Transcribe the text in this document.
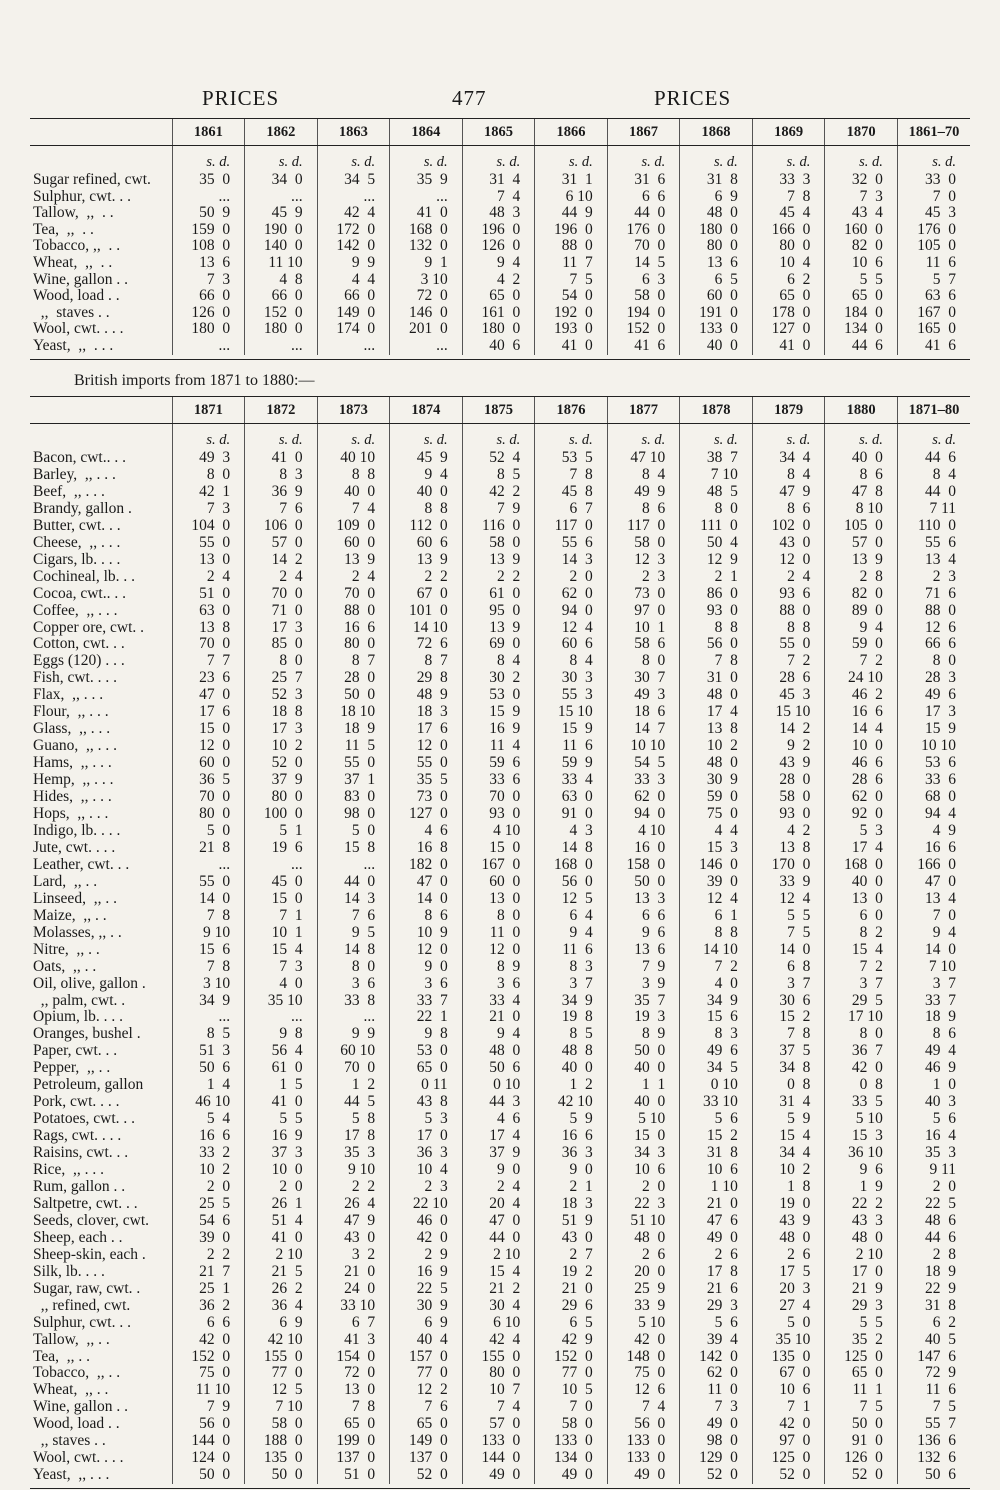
PRICES	477	PRICES
	1861	1862	1863	1864	1865	1866	1867	1868	1869	1870	1861–70
	s. d.	s. d.	s. d.	s. d.	s. d.	s. d.	s. d.	s. d.	s. d.	s. d.	s. d.
Sugar refined, cwt.	35  0	34  0	34  5	35  9	31  4	31  1	31  6	31  8	33  3	32  0	33  0
Sulphur, cwt. . .	...	...	...	...	7  4	6 10	6  6	6  9	7  8	7  3	7  0
Tallow,  ,,  . .	50  9	45  9	42  4	41  0	48  3	44  9	44  0	48  0	45  4	43  4	45  3
Tea,  ,,  . .	159  0	190  0	172  0	168  0	196  0	196  0	176  0	180  0	166  0	160  0	176  0
Tobacco, ,,  . .	108  0	140  0	142  0	132  0	126  0	88  0	70  0	80  0	80  0	82  0	105  0
Wheat,  ,,  . .	13  6	11 10	9  9	9  1	9  4	11  7	14  5	13  6	10  4	10  6	11  6
Wine, gallon . .	7  3	4  8	4  4	3 10	4  2	7  5	6  3	6  5	6  2	5  5	5  7
Wood, load . .	66  0	66  0	66  0	72  0	65  0	54  0	58  0	60  0	65  0	65  0	63  6
,,  staves . .	126  0	152  0	149  0	146  0	161  0	192  0	194  0	191  0	178  0	184  0	167  0
Wool, cwt. . . .	180  0	180  0	174  0	201  0	180  0	193  0	152  0	133  0	127  0	134  0	165  0
Yeast,  ,,  . . .	...	...	...	...	40  6	41  0	41  6	40  0	41  0	44  6	41  6

British imports from 1871 to 1880:—
	1871	1872	1873	1874	1875	1876	1877	1878	1879	1880	1871–80
	s. d.	s. d.	s. d.	s. d.	s. d.	s. d.	s. d.	s. d.	s. d.	s. d.	s. d.
Bacon, cwt.. . .	49  3	41  0	40 10	45  9	52  4	53  5	47 10	38  7	34  4	40  0	44  6
Barley,  ,, . . .	8  0	8  3	8  8	9  4	8  5	7  8	8  4	7 10	8  4	8  6	8  4
Beef,  ,, . . .	42  1	36  9	40  0	40  0	42  2	45  8	49  9	48  5	47  9	47  8	44  0
Brandy, gallon .	7  3	7  6	7  4	8  8	7  9	6  7	8  6	8  0	8  6	8 10	7 11
Butter, cwt. . .	104  0	106  0	109  0	112  0	116  0	117  0	117  0	111  0	102  0	105  0	110  0
Cheese,  ,, . . .	55  0	57  0	60  0	60  6	58  0	55  6	58  0	50  4	43  0	57  0	55  6
Cigars, lb. . . .	13  0	14  2	13  9	13  9	13  9	14  3	12  3	12  9	12  0	13  9	13  4
Cochineal, lb. . .	2  4	2  4	2  4	2  2	2  2	2  0	2  3	2  1	2  4	2  8	2  3
Cocoa, cwt.. . .	51  0	70  0	70  0	67  0	61  0	62  0	73  0	86  0	93  6	82  0	71  6
Coffee,  ,, . . .	63  0	71  0	88  0	101  0	95  0	94  0	97  0	93  0	88  0	89  0	88  0
Copper ore, cwt. .	13  8	17  3	16  6	14 10	13  9	12  4	10  1	8  8	8  8	9  4	12  6
Cotton, cwt. . .	70  0	85  0	80  0	72  6	69  0	60  6	58  6	56  0	55  0	59  0	66  6
Eggs (120) . . .	7  7	8  0	8  7	8  7	8  4	8  4	8  0	7  8	7  2	7  2	8  0
Fish, cwt. . . .	23  6	25  7	28  0	29  8	30  2	30  3	30  7	31  0	28  6	24 10	28  3
Flax,  ,, . . .	47  0	52  3	50  0	48  9	53  0	55  3	49  3	48  0	45  3	46  2	49  6
Flour,  ,, . . .	17  6	18  8	18 10	18  3	15  9	15 10	18  6	17  4	15 10	16  6	17  3
Glass,  ,, . . .	15  0	17  3	18  9	17  6	16  9	15  9	14  7	13  8	14  2	14  4	15  9
Guano,  ,, . . .	12  0	10  2	11  5	12  0	11  4	11  6	10 10	10  2	9  2	10  0	10 10
Hams,  ,, . . .	60  0	52  0	55  0	55  0	59  6	59  9	54  5	48  0	43  9	46  6	53  6
Hemp,  ,, . . .	36  5	37  9	37  1	35  5	33  6	33  4	33  3	30  9	28  0	28  6	33  6
Hides,  ,, . . .	70  0	80  0	83  0	73  0	70  0	63  0	62  0	59  0	58  0	62  0	68  0
Hops,  ,, . . .	80  0	100  0	98  0	127  0	93  0	91  0	94  0	75  0	93  0	92  0	94  4
Indigo, lb. . . .	5  0	5  1	5  0	4  6	4 10	4  3	4 10	4  4	4  2	5  3	4  9
Jute, cwt. . . .	21  8	19  6	15  8	16  8	15  0	14  8	16  0	15  3	13  8	17  4	16  6
Leather, cwt. . .	...	...	...	182  0	167  0	168  0	158  0	146  0	170  0	168  0	166  0
Lard,  ,, . .	55  0	45  0	44  0	47  0	60  0	56  0	50  0	39  0	33  9	40  0	47  0
Linseed,  ,, . .	14  0	15  0	14  3	14  0	13  0	12  5	13  3	12  4	12  4	13  0	13  4
Maize,  ,, . .	7  8	7  1	7  6	8  6	8  0	6  4	6  6	6  1	5  5	6  0	7  0
Molasses, ,, . .	9 10	10  1	9  5	10  9	11  0	9  4	9  6	8  8	7  5	8  2	9  4
Nitre,  ,, . .	15  6	15  4	14  8	12  0	12  0	11  6	13  6	14 10	14  0	15  4	14  0
Oats,  ,, . .	7  8	7  3	8  0	9  0	8  9	8  3	7  9	7  2	6  8	7  2	7 10
Oil, olive, gallon .	3 10	4  0	3  6	3  6	3  6	3  7	3  9	4  0	3  7	3  7	3  7
,, palm, cwt. .	34  9	35 10	33  8	33  7	33  4	34  9	35  7	34  9	30  6	29  5	33  7
Opium, lb. . . .	...	...	...	22  1	21  0	19  8	19  3	15  6	15  2	17 10	18  9
Oranges, bushel .	8  5	9  8	9  9	9  8	9  4	8  5	8  9	8  3	7  8	8  0	8  6
Paper, cwt. . .	51  3	56  4	60 10	53  0	48  0	48  8	50  0	49  6	37  5	36  7	49  4
Pepper,  ,, . .	50  6	61  0	70  0	65  0	50  6	40  0	40  0	34  5	34  8	42  0	46  9
Petroleum, gallon	1  4	1  5	1  2	0 11	0 10	1  2	1  1	0 10	0  8	0  8	1  0
Pork, cwt. . . .	46 10	41  0	44  5	43  8	44  3	42 10	40  0	33 10	31  4	33  5	40  3
Potatoes, cwt. . .	5  4	5  5	5  8	5  3	4  6	5  9	5 10	5  6	5  9	5 10	5  6
Rags, cwt. . . .	16  6	16  9	17  8	17  0	17  4	16  6	15  0	15  2	15  4	15  3	16  4
Raisins, cwt. . .	33  2	37  3	35  3	36  3	37  9	36  3	34  3	31  8	34  4	36 10	35  3
Rice,  ,, . . .	10  2	10  0	9 10	10  4	9  0	9  0	10  6	10  6	10  2	9  6	9 11
Rum, gallon . .	2  0	2  0	2  2	2  3	2  4	2  1	2  0	1 10	1  8	1  9	2  0
Saltpetre, cwt. . .	25  5	26  1	26  4	22 10	20  4	18  3	22  3	21  0	19  0	22  2	22  5
Seeds, clover, cwt.	54  6	51  4	47  9	46  0	47  0	51  9	51 10	47  6	43  9	43  3	48  6
Sheep, each . .	39  0	41  0	43  0	42  0	44  0	43  0	48  0	49  0	48  0	48  0	44  6
Sheep-skin, each .	2  2	2 10	3  2	2  9	2 10	2  7	2  6	2  6	2  6	2 10	2  8
Silk, lb. . . .	21  7	21  5	21  0	16  9	15  4	19  2	20  0	17  8	17  5	17  0	18  9
Sugar, raw, cwt. .	25  1	26  2	24  0	22  5	21  2	21  0	25  9	21  6	20  3	21  9	22  9
,, refined, cwt.	36  2	36  4	33 10	30  9	30  4	29  6	33  9	29  3	27  4	29  3	31  8
Sulphur, cwt. . .	6  6	6  9	6  7	6  9	6 10	6  5	5 10	5  6	5  0	5  5	6  2
Tallow,  ,, . .	42  0	42 10	41  3	40  4	42  4	42  9	42  0	39  4	35 10	35  2	40  5
Tea,  ,, . .	152  0	155  0	154  0	157  0	155  0	152  0	148  0	142  0	135  0	125  0	147  6
Tobacco,  ,, . .	75  0	77  0	72  0	77  0	80  0	77  0	75  0	62  0	67  0	65  0	72  9
Wheat,  ,, . .	11 10	12  5	13  0	12  2	10  7	10  5	12  6	11  0	10  6	11  1	11  6
Wine, gallon . .	7  9	7 10	7  8	7  6	7  4	7  0	7  4	7  3	7  1	7  5	7  5
Wood, load . .	56  0	58  0	65  0	65  0	57  0	58  0	56  0	49  0	42  0	50  0	55  7
,, staves . .	144  0	188  0	199  0	149  0	133  0	133  0	133  0	98  0	97  0	91  0	136  6
Wool, cwt. . . .	124  0	135  0	137  0	137  0	144  0	134  0	133  0	129  0	125  0	126  0	132  6
Yeast,  ,, . . .	50  0	50  0	51  0	52  0	49  0	49  0	49  0	52  0	52  0	52  0	50  6
